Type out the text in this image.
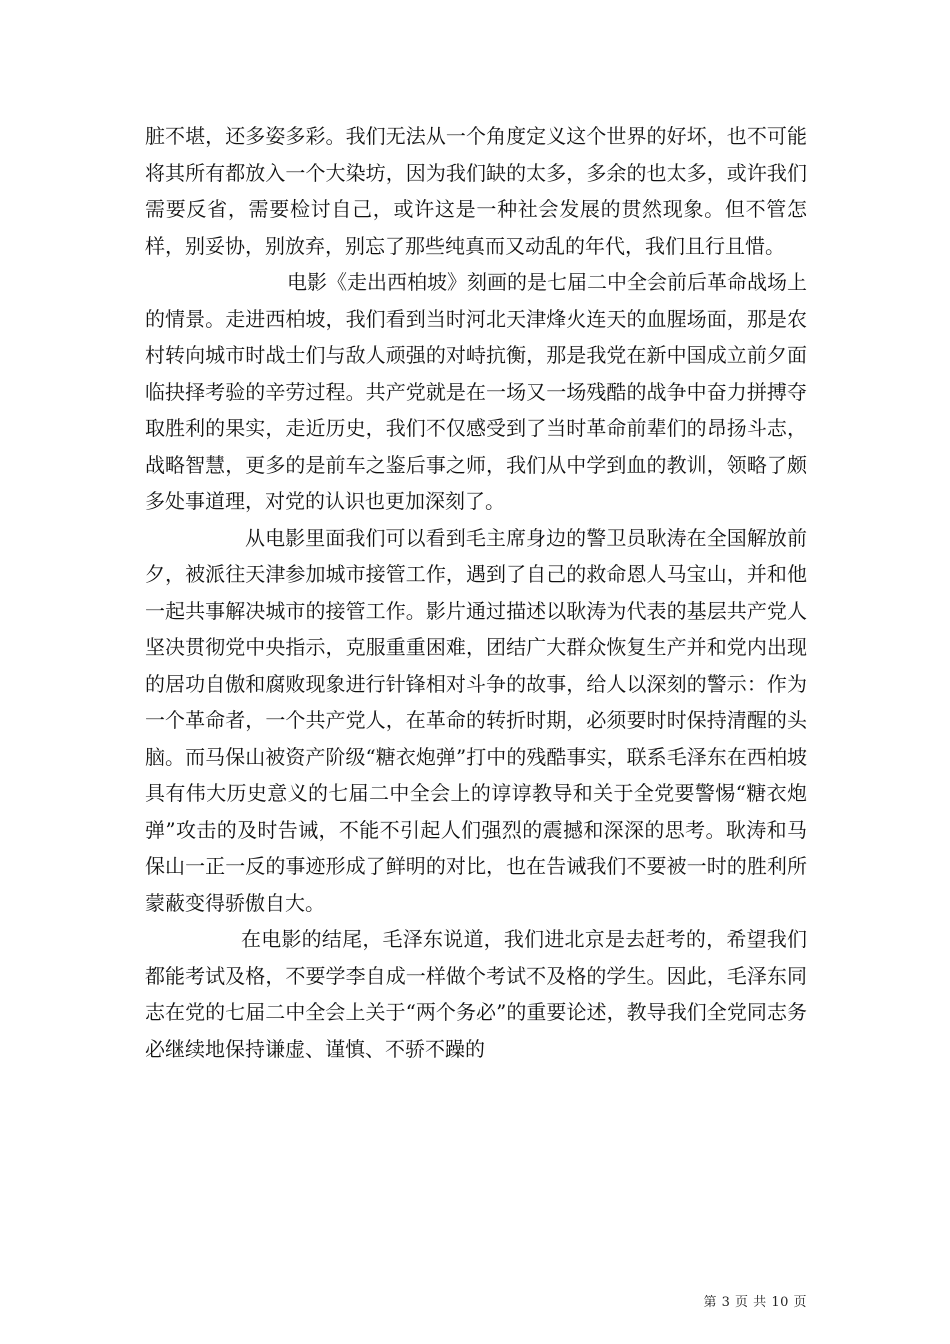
脏不堪，还多姿多彩。我们无法从一个角度定义这个世界的好坏，也不可能将其所有都放入一个大染坊，因为我们缺的太多，多余的也太多，或许我们需要反省，需要检讨自己，或许这是一种社会发展的贯然现象。但不管怎样，别妥协，别放弃，别忘了那些纯真而又动乱的年代，我们且行且惜。

电影《走出西柏坡》刻画的是七届二中全会前后革命战场上的情景。走进西柏坡，我们看到当时河北天津烽火连天的血腥场面，那是农村转向城市时战士们与敌人顽强的对峙抗衡，那是我党在新中国成立前夕面临抉择考验的辛劳过程。共产党就是在一场又一场残酷的战争中奋力拼搏夺取胜利的果实，走近历史，我们不仅感受到了当时革命前辈们的昂扬斗志，战略智慧，更多的是前车之鉴后事之师，我们从中学到血的教训，领略了颇多处事道理，对党的认识也更加深刻了。

从电影里面我们可以看到毛主席身边的警卫员耿涛在全国解放前夕，被派往天津参加城市接管工作，遇到了自己的救命恩人马宝山，并和他一起共事解决城市的接管工作。影片通过描述以耿涛为代表的基层共产党人坚决贯彻党中央指示，克服重重困难，团结广大群众恢复生产并和党内出现的居功自傲和腐败现象进行针锋相对斗争的故事，给人以深刻的警示：作为一个革命者，一个共产党人，在革命的转折时期，必须要时时保持清醒的头脑。而马保山被资产阶级“糖衣炮弹”打中的残酷事实，联系毛泽东在西柏坡具有伟大历史意义的七届二中全会上的谆谆教导和关于全党要警惕“糖衣炮弹”攻击的及时告诫，不能不引起人们强烈的震撼和深深的思考。耿涛和马保山一正一反的事迹形成了鲜明的对比，也在告诫我们不要被一时的胜利所蒙蔽变得骄傲自大。

在电影的结尾，毛泽东说道，我们进北京是去赶考的，希望我们都能考试及格，不要学李自成一样做个考试不及格的学生。因此，毛泽东同志在党的七届二中全会上关于“两个务必”的重要论述，教导我们全党同志务必继续地保持谦虚、谨慎、不骄不躁的

第 3 页 共 10 页
